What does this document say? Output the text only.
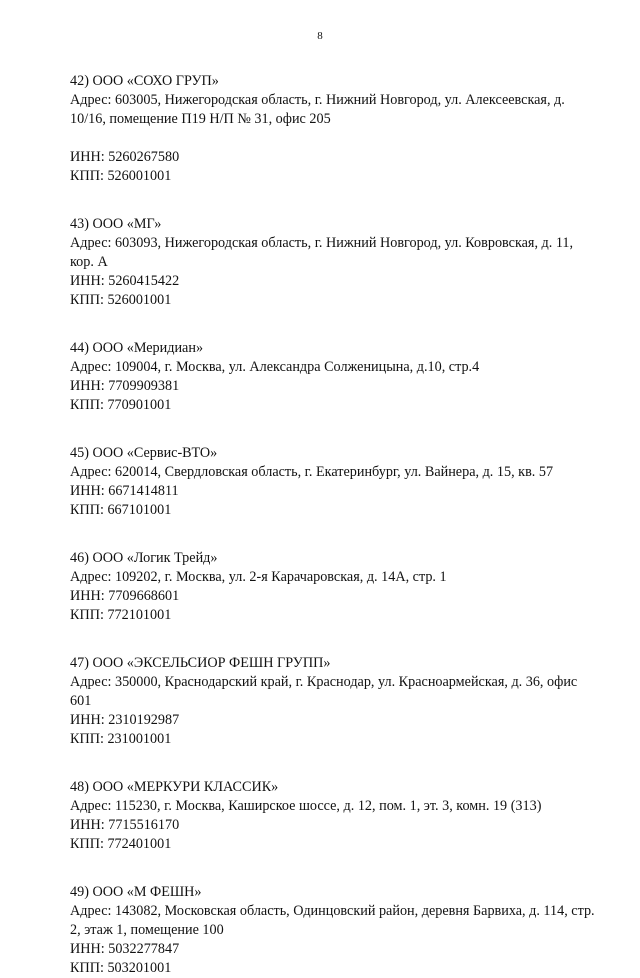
8
42) ООО «СОХО ГРУП»
Адрес: 603005, Нижегородская область, г. Нижний Новгород, ул. Алексеевская, д. 10/16, помещение П19 Н/П № 31, офис 205
ИНН: 5260267580
КПП: 526001001
43) ООО «МГ»
Адрес: 603093, Нижегородская область, г. Нижний Новгород, ул. Ковровская, д. 11, кор. А
ИНН: 5260415422
КПП: 526001001
44) ООО «Меридиан»
Адрес: 109004, г. Москва, ул. Александра Солженицына, д.10, стр.4
ИНН: 7709909381
КПП: 770901001
45) ООО «Сервис-ВТО»
Адрес: 620014, Свердловская область, г. Екатеринбург, ул. Вайнера, д. 15, кв. 57
ИНН: 6671414811
КПП: 667101001
46) ООО «Логик Трейд»
Адрес: 109202, г. Москва, ул. 2-я Карачаровская, д. 14А, стр. 1
ИНН: 7709668601
КПП: 772101001
47) ООО «ЭКСЕЛЬСИОР ФЕШН ГРУПП»
Адрес: 350000, Краснодарский край, г. Краснодар, ул. Красноармейская, д. 36, офис 601
ИНН: 2310192987
КПП: 231001001
48) ООО «МЕРКУРИ КЛАССИК»
Адрес: 115230, г. Москва, Каширское шоссе, д. 12, пом. 1, эт. 3, комн. 19 (313)
ИНН: 7715516170
КПП: 772401001
49) ООО «М ФЕШН»
Адрес: 143082, Московская область, Одинцовский район, деревня Барвиха, д. 114, стр. 2, этаж 1, помещение 100
ИНН: 5032277847
КПП: 503201001
